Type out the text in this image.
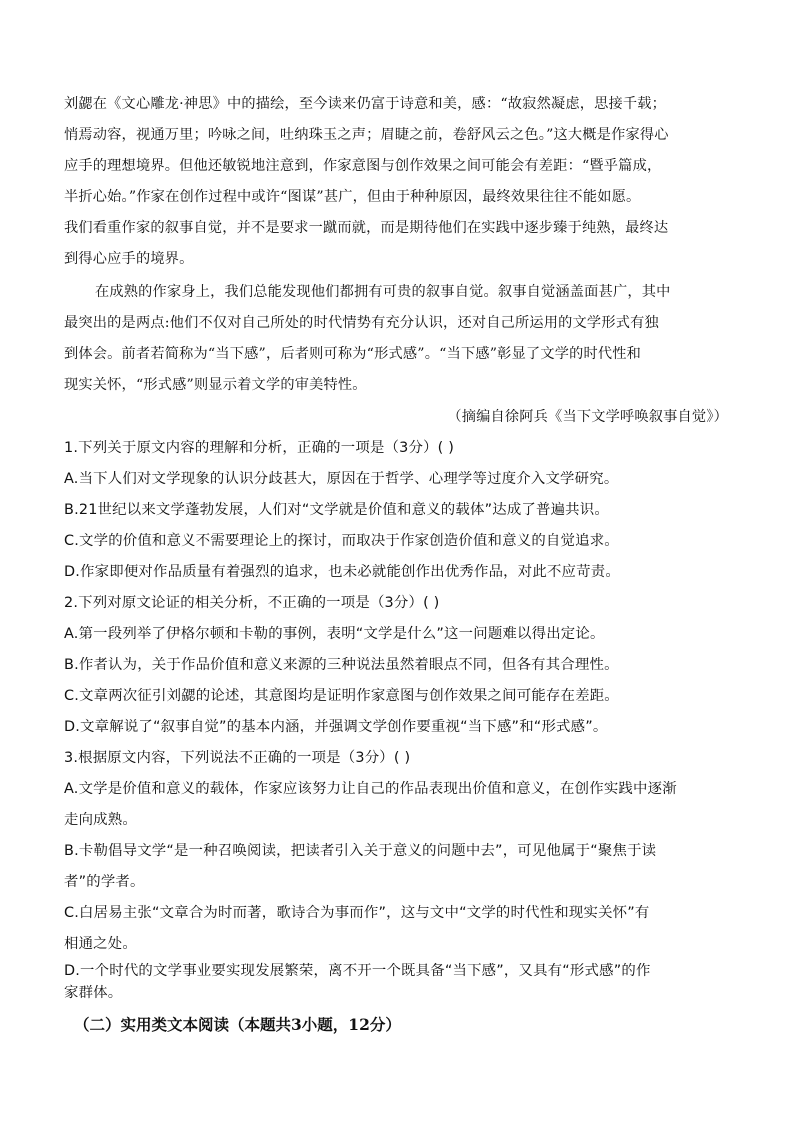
刘勰在《文心雕龙·神思》中的描绘，至今读来仍富于诗意和美，感：“故寂然凝虑，思接千载；
悄焉动容，视通万里；吟咏之间，吐纳珠玉之声；眉睫之前，卷舒风云之色。”这大概是作家得心
应手的理想境界。但他还敏锐地注意到，作家意图与创作效果之间可能会有差距：“暨乎篇成，
半折心始。”作家在创作过程中或许“图谋”甚广，但由于种种原因，最终效果往往不能如愿。
我们看重作家的叙事自觉，并不是要求一蹴而就，而是期待他们在实践中逐步臻于纯熟，最终达
到得心应手的境界。
在成熟的作家身上，我们总能发现他们都拥有可贵的叙事自觉。叙事自觉涵盖面甚广，其中
最突出的是两点:他们不仅对自己所处的时代情势有充分认识，还对自己所运用的文学形式有独
到体会。前者若简称为“当下感”，后者则可称为“形式感”。“当下感”彰显了文学的时代性和
现实关怀，“形式感”则显示着文学的审美特性。
（摘编自徐阿兵《当下文学呼唤叙事自觉》）
1.下列关于原文内容的理解和分析，正确的一项是（3分）( )
A.当下人们对文学现象的认识分歧甚大，原因在于哲学、心理学等过度介入文学研究。
B.21世纪以来文学蓬勃发展，人们对“文学就是价值和意义的载体”达成了普遍共识。
C.文学的价值和意义不需要理论上的探讨，而取决于作家创造价值和意义的自觉追求。
D.作家即便对作品质量有着强烈的追求，也未必就能创作出优秀作品，对此不应苛责。
2.下列对原文论证的相关分析，不正确的一项是（3分）( )
A.第一段列举了伊格尔顿和卡勒的事例，表明“文学是什么”这一问题难以得出定论。
B.作者认为，关于作品价值和意义来源的三种说法虽然着眼点不同，但各有其合理性。
C.文章两次征引刘勰的论述，其意图均是证明作家意图与创作效果之间可能存在差距。
D.文章解说了“叙事自觉”的基本内涵，并强调文学创作要重视“当下感”和“形式感”。
3.根据原文内容，下列说法不正确的一项是（3分）( )
A.文学是价值和意义的载体，作家应该努力让自己的作品表现出价值和意义，在创作实践中逐渐
走向成熟。
B.卡勒倡导文学“是一种召唤阅读，把读者引入关于意义的问题中去”，可见他属于“聚焦于读
者”的学者。
C.白居易主张“文章合为时而著，歌诗合为事而作”，这与文中“文学的时代性和现实关怀”有
相通之处。
D.一个时代的文学事业要实现发展繁荣，离不开一个既具备“当下感”，又具有“形式感”的作
家群体。
（二）实用类文本阅读（本题共3小题，12分）
